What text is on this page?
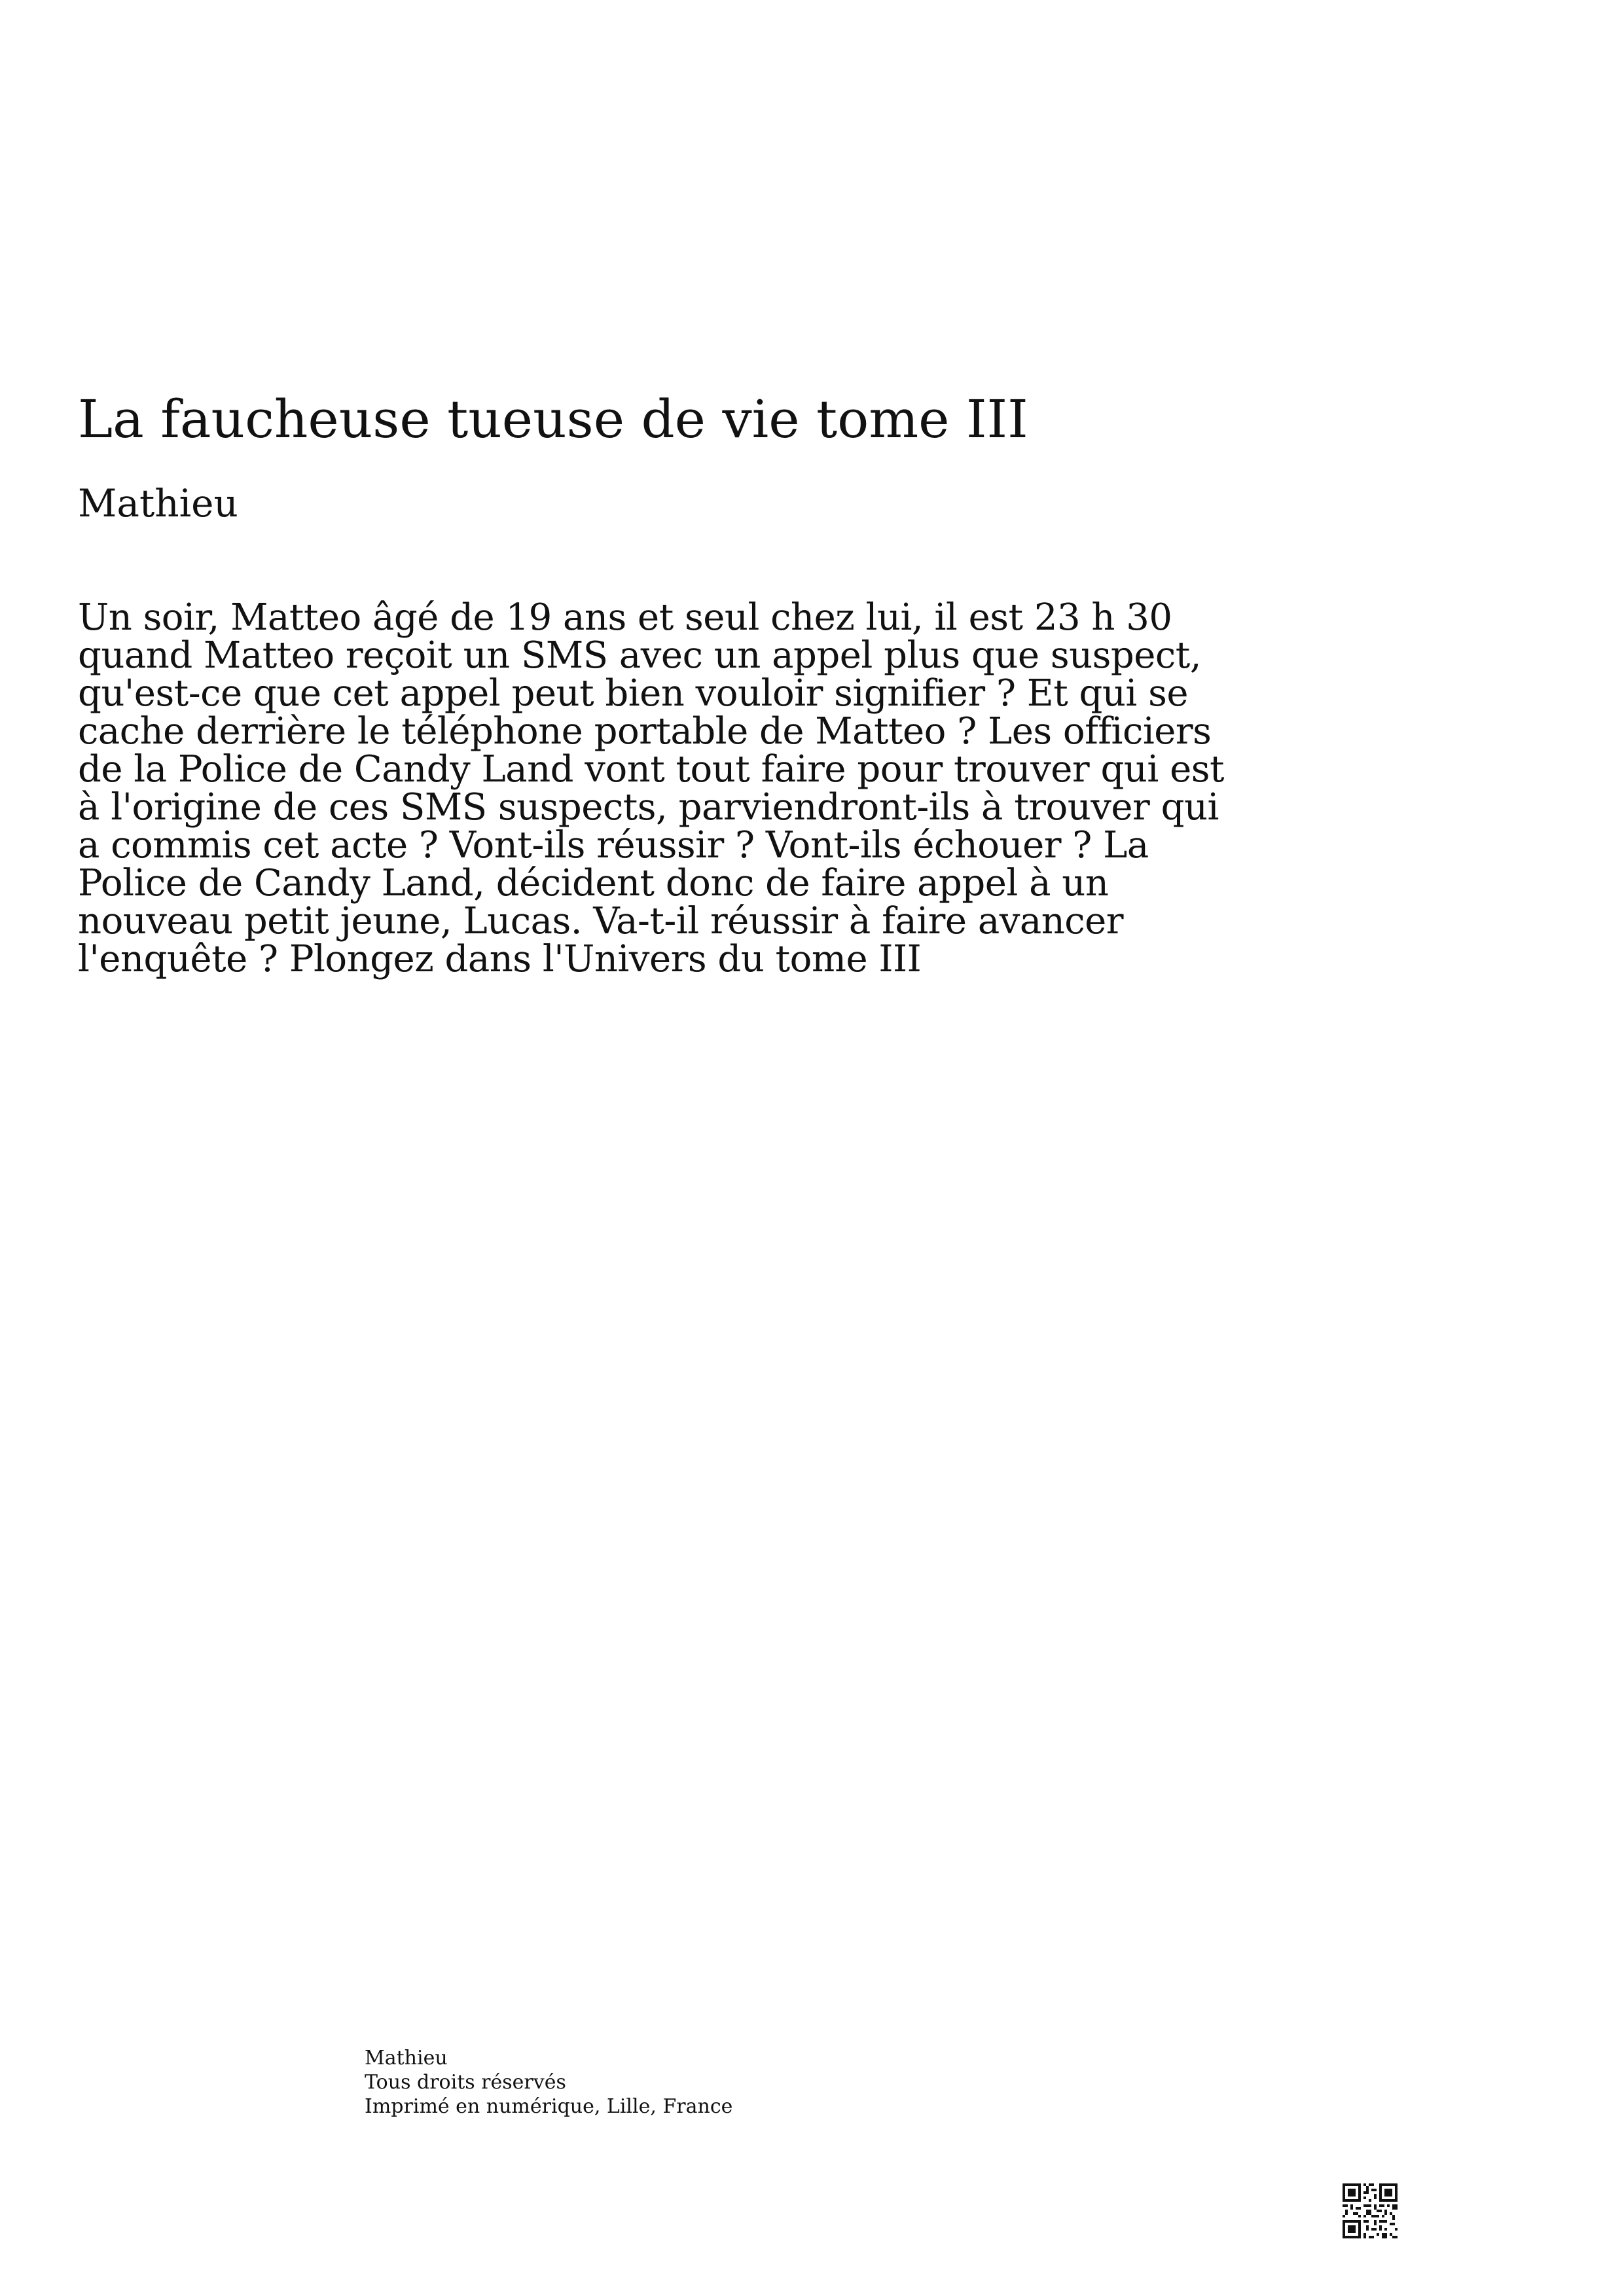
La faucheuse tueuse de vie tome III
Mathieu

Un soir, Matteo âgé de 19 ans et seul chez lui, il est 23 h 30 quand Matteo reçoit un SMS avec un appel plus que suspect, qu'est-ce que cet appel peut bien vouloir signifier ? Et qui se cache derrière le téléphone portable de Matteo ? Les officiers de la Police de Candy Land vont tout faire pour trouver qui est à l'origine de ces SMS suspects, parviendront-ils à trouver qui a commis cet acte ? Vont-ils réussir ? Vont-ils échouer ? La Police de Candy Land, décident donc de faire appel à un nouveau petit jeune, Lucas. Va-t-il réussir à faire avancer l'enquête ? Plongez dans l'Univers du tome III

Mathieu
Tous droits réservés
Imprimé en numérique, Lille, France
